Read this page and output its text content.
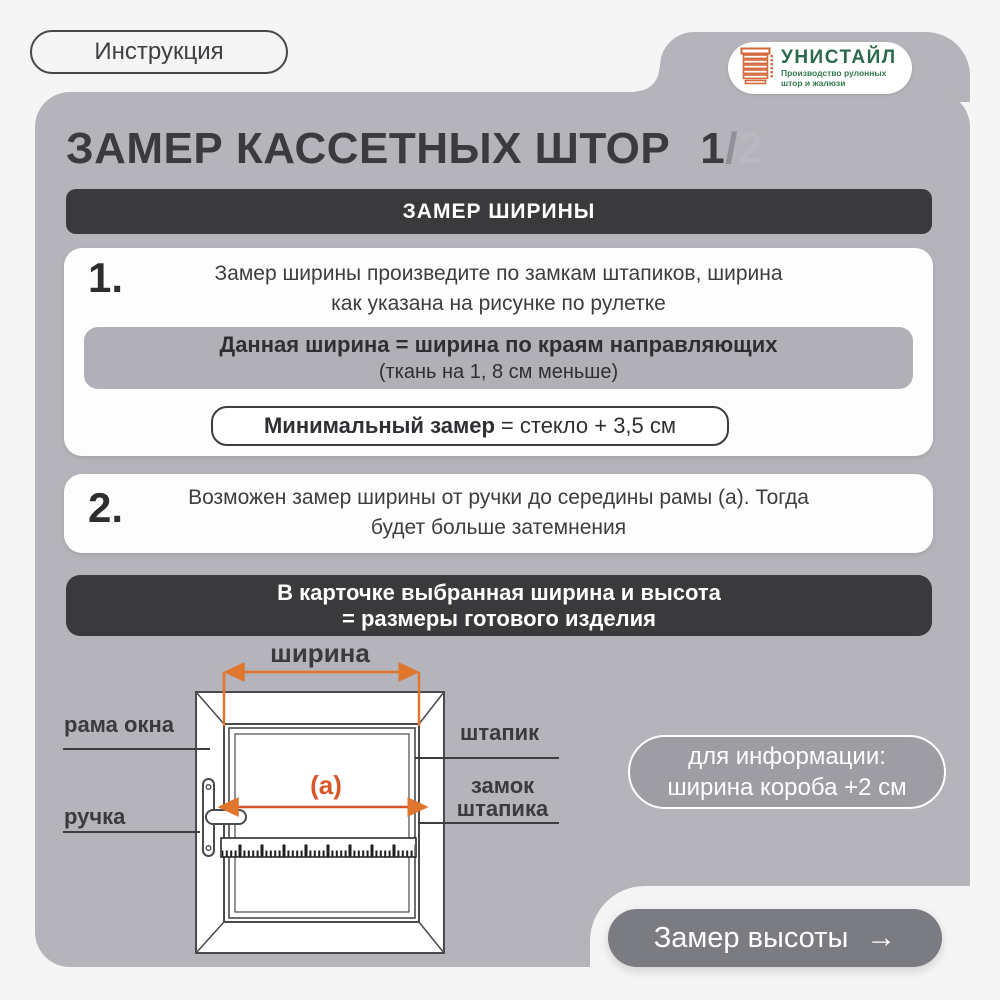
Инструкция	УНИСТАЙЛ
Производство рулонных
штор и жалюзи
ЗАМЕР КАССЕТНЫХ ШТОР 1/2
ЗАМЕР ШИРИНЫ
1.	Замер ширины произведите по замкам штапиков, ширина
как указана на рисунке по рулетке
Данная ширина = ширина по краям направляющих
(ткань на 1, 8 см меньше)
Минимальный замер = стекло + 3,5 см
2.	Возможен замер ширины от ручки до середины рамы (а). Тогда
будет больше затемнения
В карточке выбранная ширина и высота
= размеры готового изделия
ширина
рама окна
ручка
штапик
замок
штапика
(а)
для информации:
ширина короба +2 см
Замер высоты →
